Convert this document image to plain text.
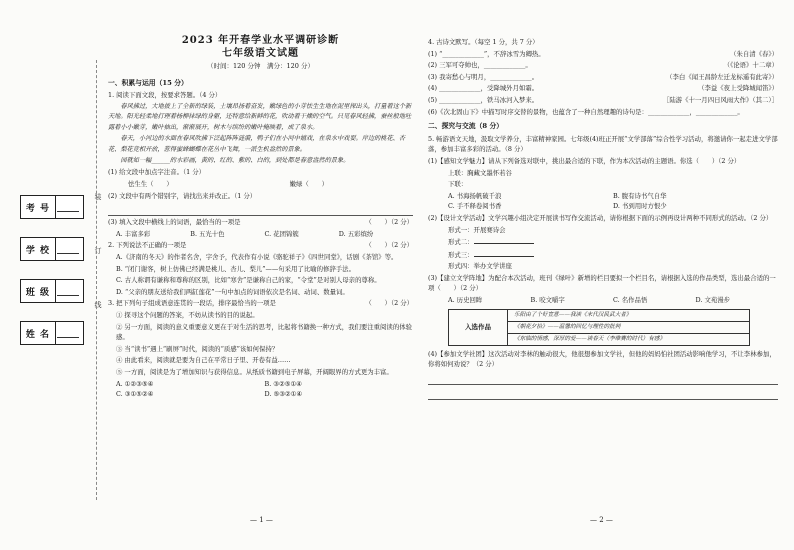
考 号
学 校
班 级
姓 名
装
订
线
2023 年开春学业水平调研诊断
七年级语文试题
（时间：120 分钟　满分：120 分）
一、积累与运用（15 分）
1. 阅读下面文段，按要求答题。（4 分）
春风拂过，大地披上了全新的绿装，土壤昂扬着奋发，嫩绿色的小芽怯生生地在泥里探出头，打量着这个新天地。阳光轻柔地打理着杨柳抹绿的身躯，还特意给新鲜的花，吹动着干燥的空气。只见春风轻拂，蚕丝般地吐露着小小嫩芽，嫩叶抽出，渐渐展开，树木与缤纷的嫩叶掩映着，成了泉水。
春天，小河边的水面在春风吹拂下泛起阵阵涟漪，鸭子们在小河中嬉戏，在泉水中戏耍。岸边的桃花、杏花、梨花竞相开放，惹得蜜蜂蝴蝶在花丛中飞舞，一派生机盎然的景象。
园就如一幅______的水彩画，黄的、红的、紫的、白的，到处都是春意盎然的景象。
(1) 给文段中加点字注音。（1 分）
怯生生（　　）	嫩绿（　　）
(2) 文段中有两个错别字，请找出来并改正。（1 分）
(3) 填入文段中横线上的词语，最恰当的一项是	（　　）（2 分）
A. 丰富多彩	B. 五光十色	C. 花团锦簇	D. 五彩缤纷
2. 下列说法不正确的一项是	（　　）（2 分）
A.《济南的冬天》的作者名舍，字舍予，代表作有小说《骆驼祥子》《四世同堂》，话剧《茶馆》等。
B. “闭门谢客，树上仿佛已经满是桃儿、杏儿、梨儿”——句采用了比喻的修辞手法。
C. 古人称谓有谦称和尊称的区别，比如“寒舍”是谦称自己的家，“令堂”是对别人母亲的尊称。
D. “父亲的朋友送给我们两缸莲花”一句中加点的词语依次是名词、动词、数量词。
3. 把下列句子组成语意连贯的一段话，排序最恰当的一项是	（　　）（2 分）
① 探寻这个问题的答案，不妨从读书的目的说起。
② 另一方面，阅读的意义重要意义更在于对生活的思考，比起将书籍换一种方式，我们要注重阅读的体验感。
③ 当“读书”遇上“刷屏”时代，阅读的“质感”该如何保持？
④ 由此看来，阅读就是要为自己在平常日子里、开卷有益……
⑤ 一方面，阅读是为了增加知识与获得信息。从纸质书籍到电子屏幕，开阔眼界的方式更为丰富。
A. ①②③⑤④	B. ③②⑤①④
C. ③①⑤②④	D. ⑤③②①④
— 1 —
4. 古诗文默写。（每空 1 分，共 7 分）
(1) “_____________”，不辞冰雪为卿热。	（朱自清《春》）
(2) 三军可夺帅也，_____________。	（《论语》十二章）
(3) 我寄愁心与明月，_____________。	（李白《闻王昌龄左迁龙标遥有此寄》）
(4) _____________，受降城外月如霜。	（李益《夜上受降城闻笛》）
(5) _____________，铁马冰河入梦来。	［陆游《十一月四日风雨大作》（其二）］
(6)《次北固山下》中描写时序交替的景物，也蕴含了一种自然理趣的诗句是：_____________，_____________。
二、探究与交流（8 分）
5. 畅游语文天地，汲取文学养分，丰富精神家园。七年级(4)班正开展“文学部落”综合性学习活动，将邀请你一起走进文学部落，参加丰富多彩的活动。（8 分）
(1)【感知文学魅力】请从下列备选对联中，挑出最合适的下联，作为本次活动的主题语。你选（　　）（2 分）
上联：胸藏文墨怀若谷
下联：
A. 书海扬帆破千浪	B. 腹有诗书气自华
C. 手不释卷阅书香	D. 书到用时方恨少
(2)【设计文学活动】文学兴趣小组决定开展读书写作交流活动，请你根据下面的示例再设计两种不同形式的活动。（2 分）
形式一：开展赛诗会
形式二：
形式三：
形式四：举办文学讲座
(3)【建立文学阵地】为配合本次活动，班刊《绿叶》新增的栏目要拟一个栏目名，请根据入选的作品类型，选出最合适的一项（　　）（2 分）
A. 历史回眸	B. 咬文嚼字	C. 名作品悟	D. 文苑漫步
入选作品
乐阳由了个好宣意——我读《末代汉民武大者》
《朝花夕拾》——温馨的回忆与理性的批判
《东临的情感，深厚的爱——读春天（李维赛的时代）有感》
(4)【参加文学社团】这次活动对李林的触动很大，他很想参加文学社，但他的妈妈怕社团活动影响他学习，不让李林参加，你将如何劝说？（2 分）
— 2 —
